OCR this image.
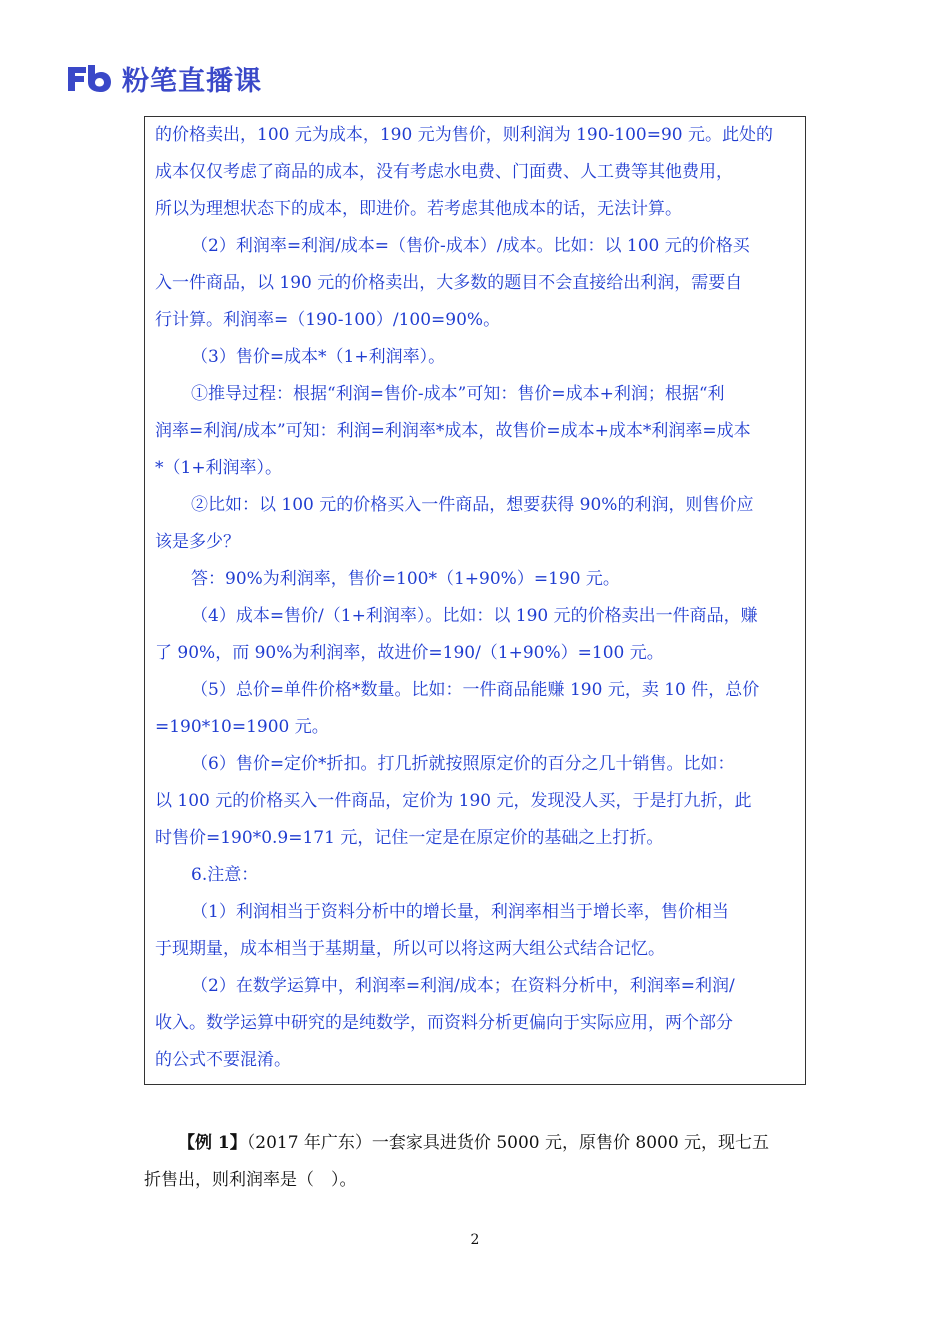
粉笔直播课
的价格卖出，100 元为成本，190 元为售价，则利润为 190-100=90 元。此处的
成本仅仅考虑了商品的成本，没有考虑水电费、门面费、人工费等其他费用，
所以为理想状态下的成本，即进价。若考虑其他成本的话，无法计算。
（2）利润率=利润/成本=（售价-成本）/成本。比如：以 100 元的价格买
入一件商品，以 190 元的价格卖出，大多数的题目不会直接给出利润，需要自
行计算。利润率=（190-100）/100=90%。
（3）售价=成本*（1+利润率）。
①推导过程：根据“利润=售价-成本”可知：售价=成本+利润；根据“利
润率=利润/成本”可知：利润=利润率*成本，故售价=成本+成本*利润率=成本
*（1+利润率）。
②比如：以 100 元的价格买入一件商品，想要获得 90%的利润，则售价应
该是多少？
答：90%为利润率，售价=100*（1+90%）=190 元。
（4）成本=售价/（1+利润率）。比如：以 190 元的价格卖出一件商品，赚
了 90%，而 90%为利润率，故进价=190/（1+90%）=100 元。
（5）总价=单件价格*数量。比如：一件商品能赚 190 元，卖 10 件，总价
=190*10=1900 元。
（6）售价=定价*折扣。打几折就按照原定价的百分之几十销售。比如：
以 100 元的价格买入一件商品，定价为 190 元，发现没人买，于是打九折，此
时售价=190*0.9=171 元，记住一定是在原定价的基础之上打折。
6.注意：
（1）利润相当于资料分析中的增长量，利润率相当于增长率，售价相当
于现期量，成本相当于基期量，所以可以将这两大组公式结合记忆。
（2）在数学运算中，利润率=利润/成本；在资料分析中，利润率=利润/
收入。数学运算中研究的是纯数学，而资料分析更偏向于实际应用，两个部分
的公式不要混淆。
【例 1】（2017 年广东）一套家具进货价 5000 元，原售价 8000 元，现七五
折售出，则利润率是（　）。
2
